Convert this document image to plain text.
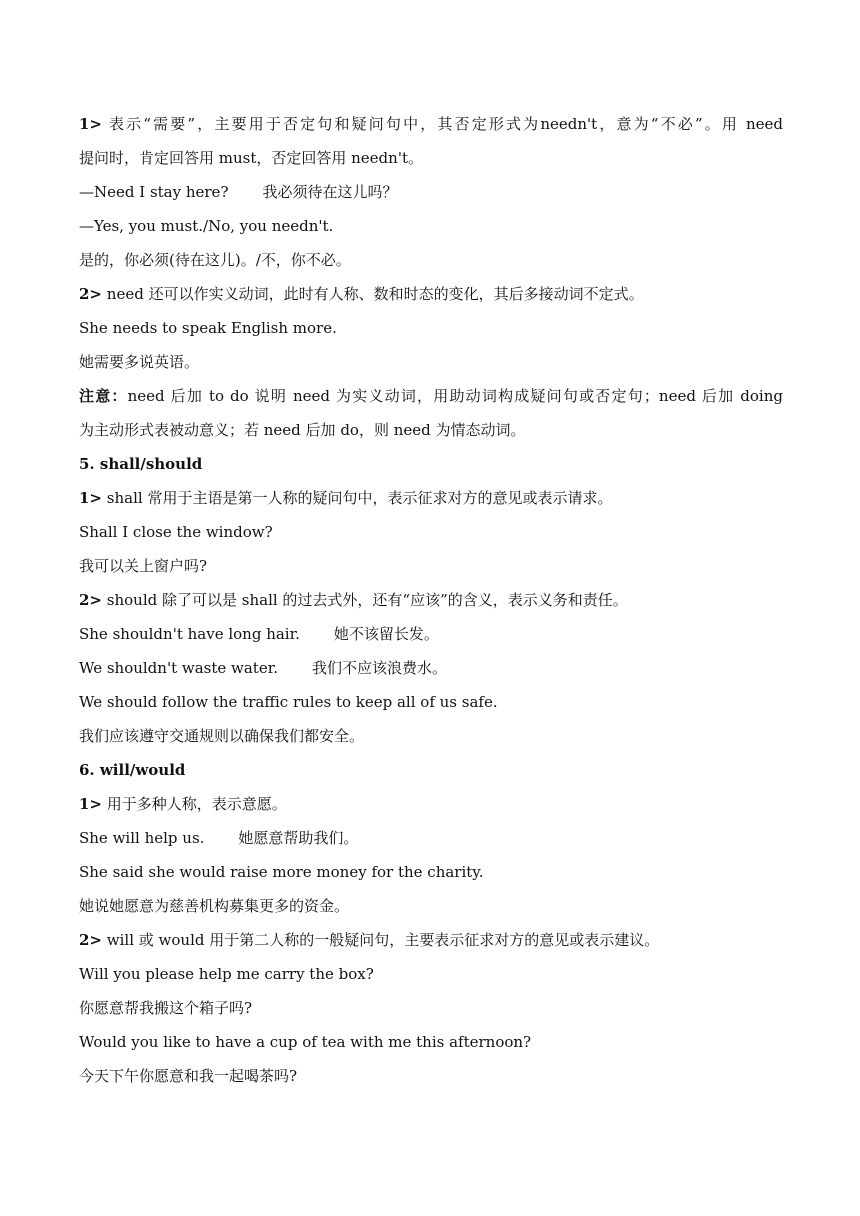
1> 表示“需要”，主要用于否定句和疑问句中，其否定形式为needn't，意为“不必”。用 need
提问时，肯定回答用 must，否定回答用 needn't。
—Need I stay here? 我必须待在这儿吗？
—Yes, you must./No, you needn't.
是的，你必须(待在这儿)。/不，你不必。
2> need 还可以作实义动词，此时有人称、数和时态的变化，其后多接动词不定式。
She needs to speak English more.
她需要多说英语。
注意：need 后加 to do 说明 need 为实义动词，用助动词构成疑问句或否定句；need 后加 doing
为主动形式表被动意义；若 need 后加 do，则 need 为情态动词。
5. shall/should
1> shall 常用于主语是第一人称的疑问句中，表示征求对方的意见或表示请求。
Shall I close the window?
我可以关上窗户吗?
2> should 除了可以是 shall 的过去式外，还有“应该”的含义，表示义务和责任。
She shouldn't have long hair. 她不该留长发。
We shouldn't waste water. 我们不应该浪费水。
We should follow the traffic rules to keep all of us safe.
我们应该遵守交通规则以确保我们都安全。
6. will/would
1> 用于多种人称，表示意愿。
She will help us. 她愿意帮助我们。
She said she would raise more money for the charity.
她说她愿意为慈善机构募集更多的资金。
2> will 或 would 用于第二人称的一般疑问句，主要表示征求对方的意见或表示建议。
Will you please help me carry the box?
你愿意帮我搬这个箱子吗?
Would you like to have a cup of tea with me this afternoon?
今天下午你愿意和我一起喝茶吗?
